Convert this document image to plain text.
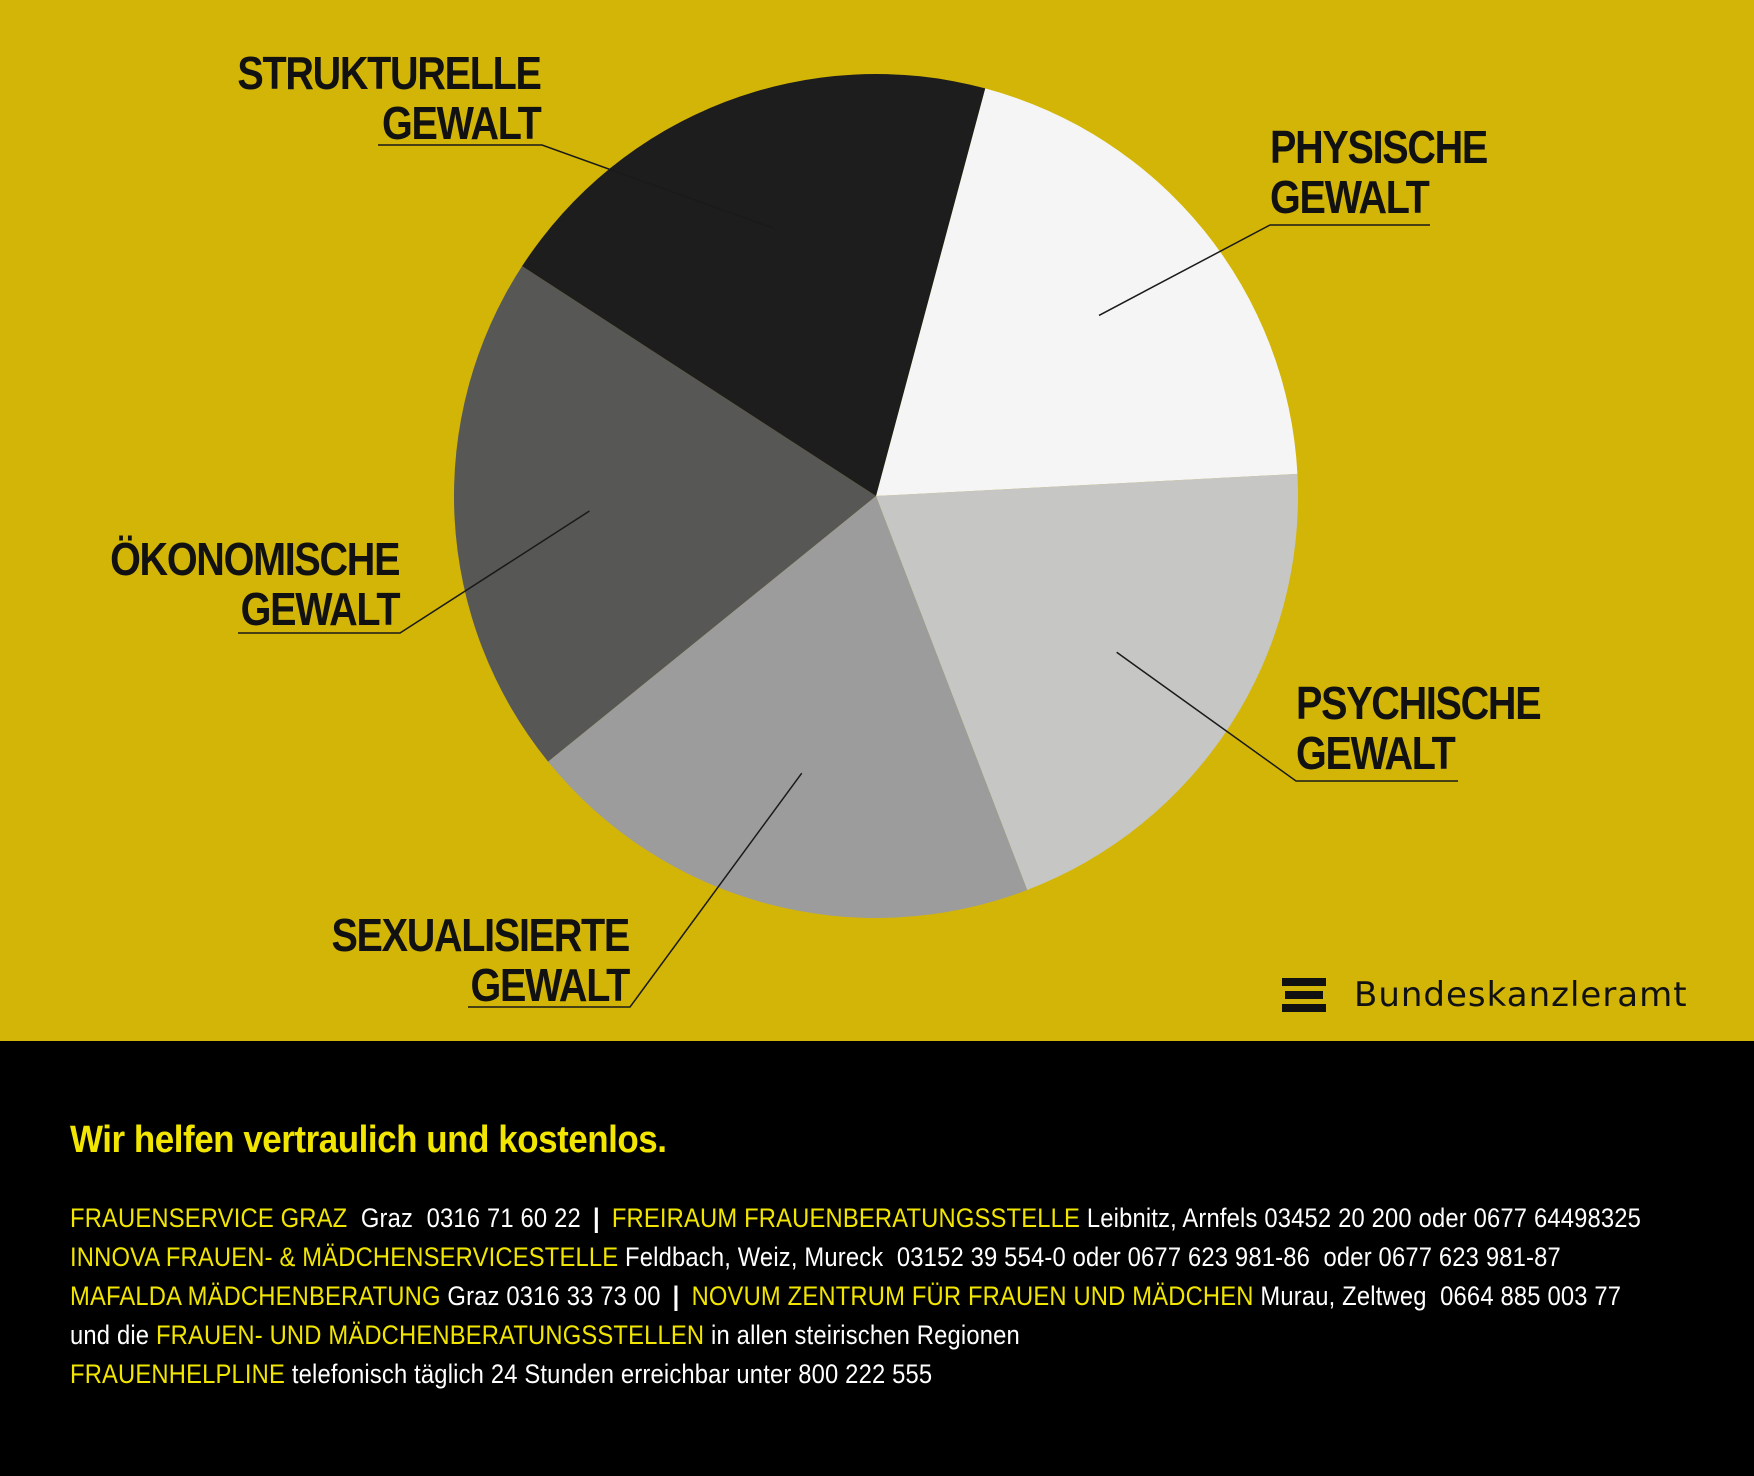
STRUKTURELLE
GEWALT	PHYSISCHE
GEWALT
ÖKONOMISCHE
GEWALT
PSYCHISCHE
GEWALT
SEXUALISIERTE
GEWALT	Bundeskanzleramt
Wir helfen vertraulich und kostenlos.
FRAUENSERVICE GRAZ  Graz  0316 71 60 22 | FREIRAUM FRAUENBERATUNGSSTELLE Leibnitz, Arnfels 03452 20 200 oder 0677 64498325
INNOVA FRAUEN- & MÄDCHENSERVICESTELLE Feldbach, Weiz, Mureck  03152 39 554-0 oder 0677 623 981-86  oder 0677 623 981-87
MAFALDA MÄDCHENBERATUNG Graz 0316 33 73 00 | NOVUM ZENTRUM FÜR FRAUEN UND MÄDCHEN Murau, Zeltweg  0664 885 003 77
und die FRAUEN- UND MÄDCHENBERATUNGSSTELLEN in allen steirischen Regionen
FRAUENHELPLINE telefonisch täglich 24 Stunden erreichbar unter 800 222 555
